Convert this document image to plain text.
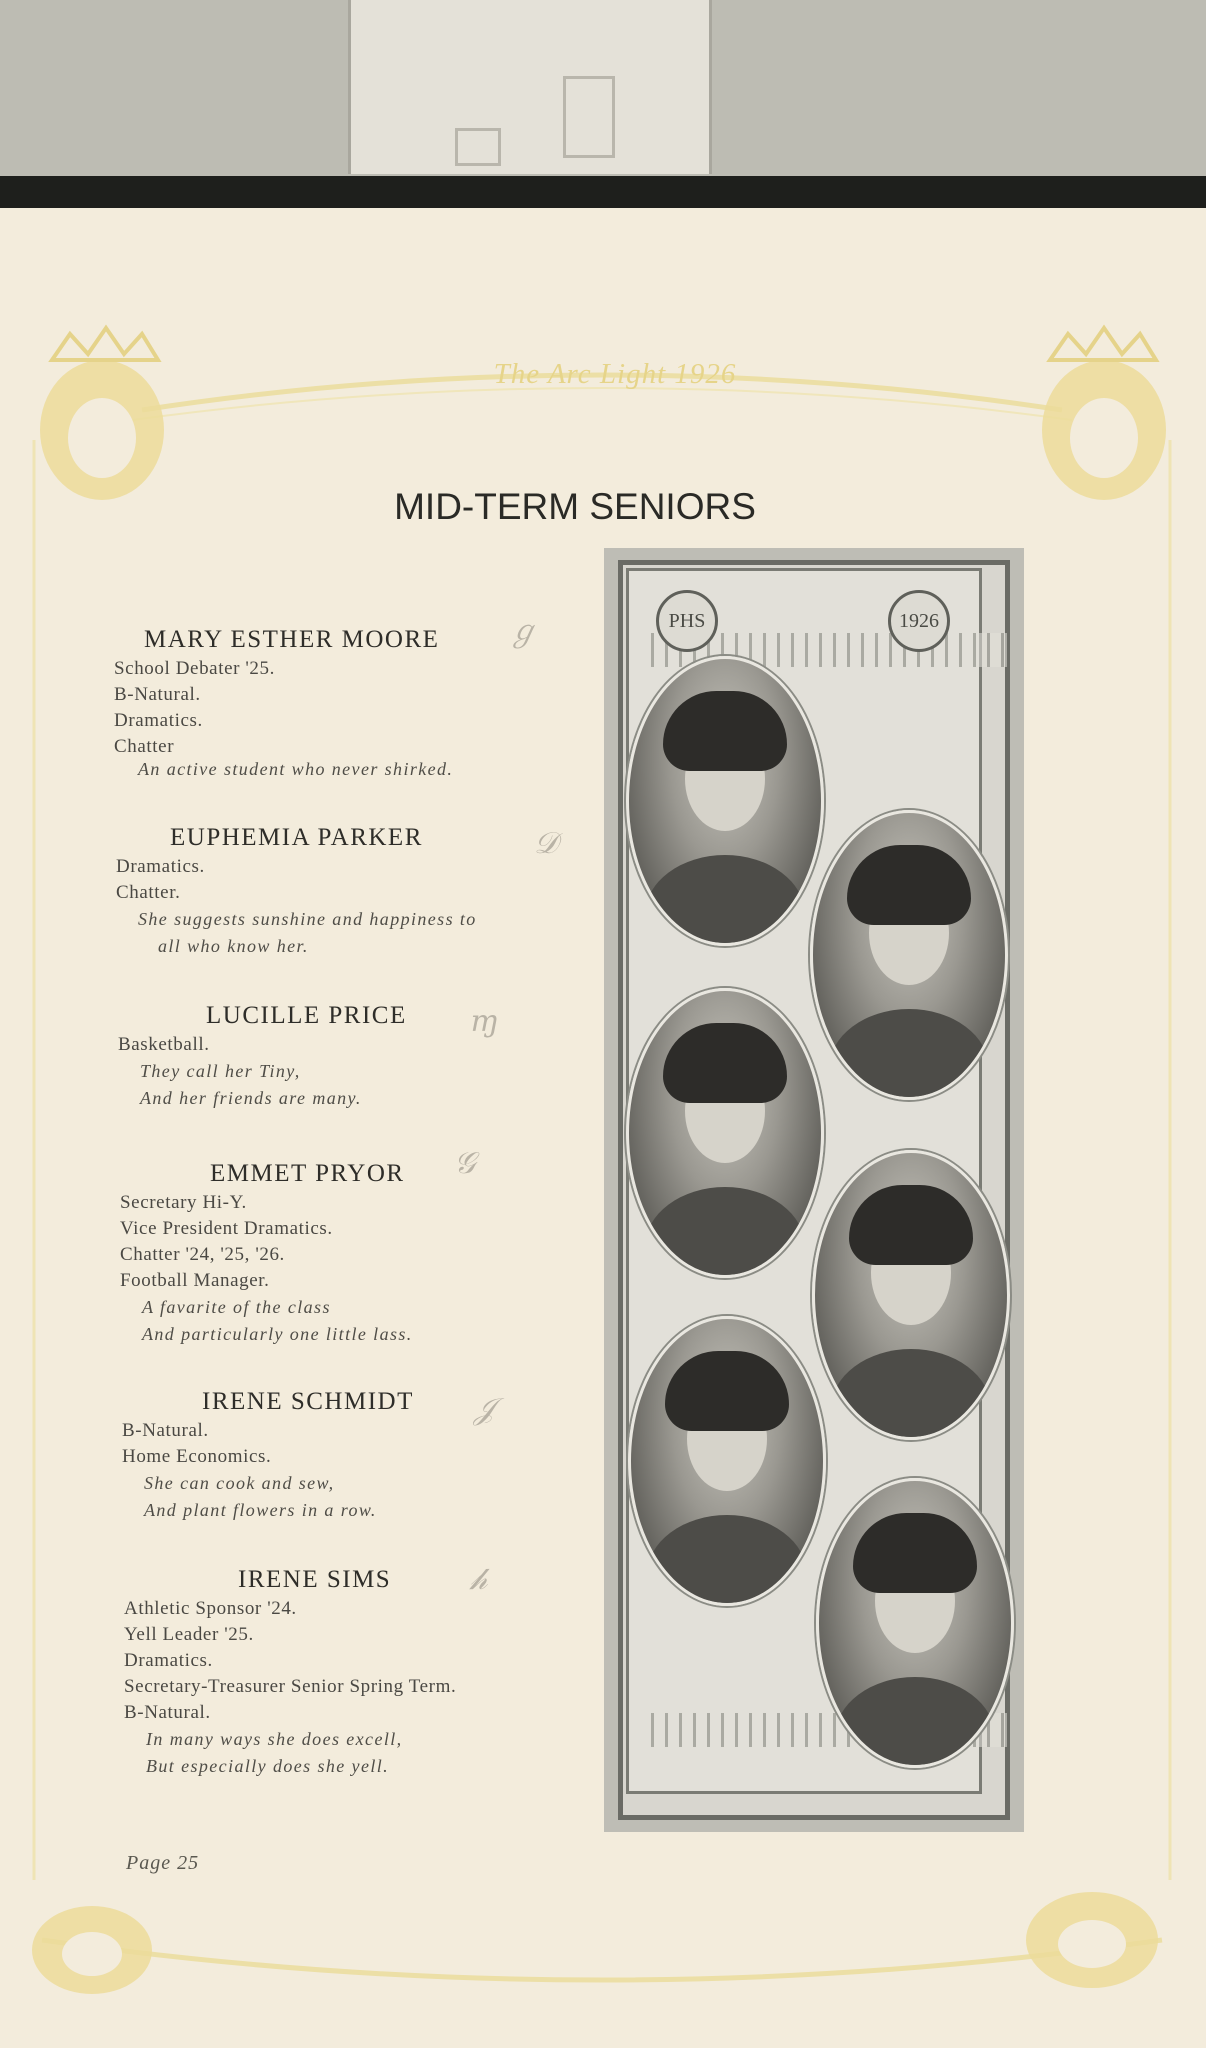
The Arc Light 1926
MID-TERM SENIORS
MARY ESTHER MOORE
School Debater '25.
B-Natural.
Dramatics.
Chatter
An active student who never shirked.
EUPHEMIA PARKER
Dramatics.
Chatter.
She suggests sunshine and happiness to
all who know her.
LUCILLE PRICE
Basketball.
They call her Tiny,
And her friends are many.
EMMET PRYOR
Secretary Hi-Y.
Vice President Dramatics.
Chatter '24, '25, '26.
Football Manager.
A favarite of the class
And particularly one little lass.
IRENE SCHMIDT
B-Natural.
Home Economics.
She can cook and sew,
And plant flowers in a row.
IRENE SIMS
Athletic Sponsor '24.
Yell Leader '25.
Dramatics.
Secretary-Treasurer Senior Spring Term.
B-Natural.
In many ways she does excell,
But especially does she yell.
ℊ
𝒟
ɱ
𝒢
𝒥
𝒽
PHS	1926
Page 25
